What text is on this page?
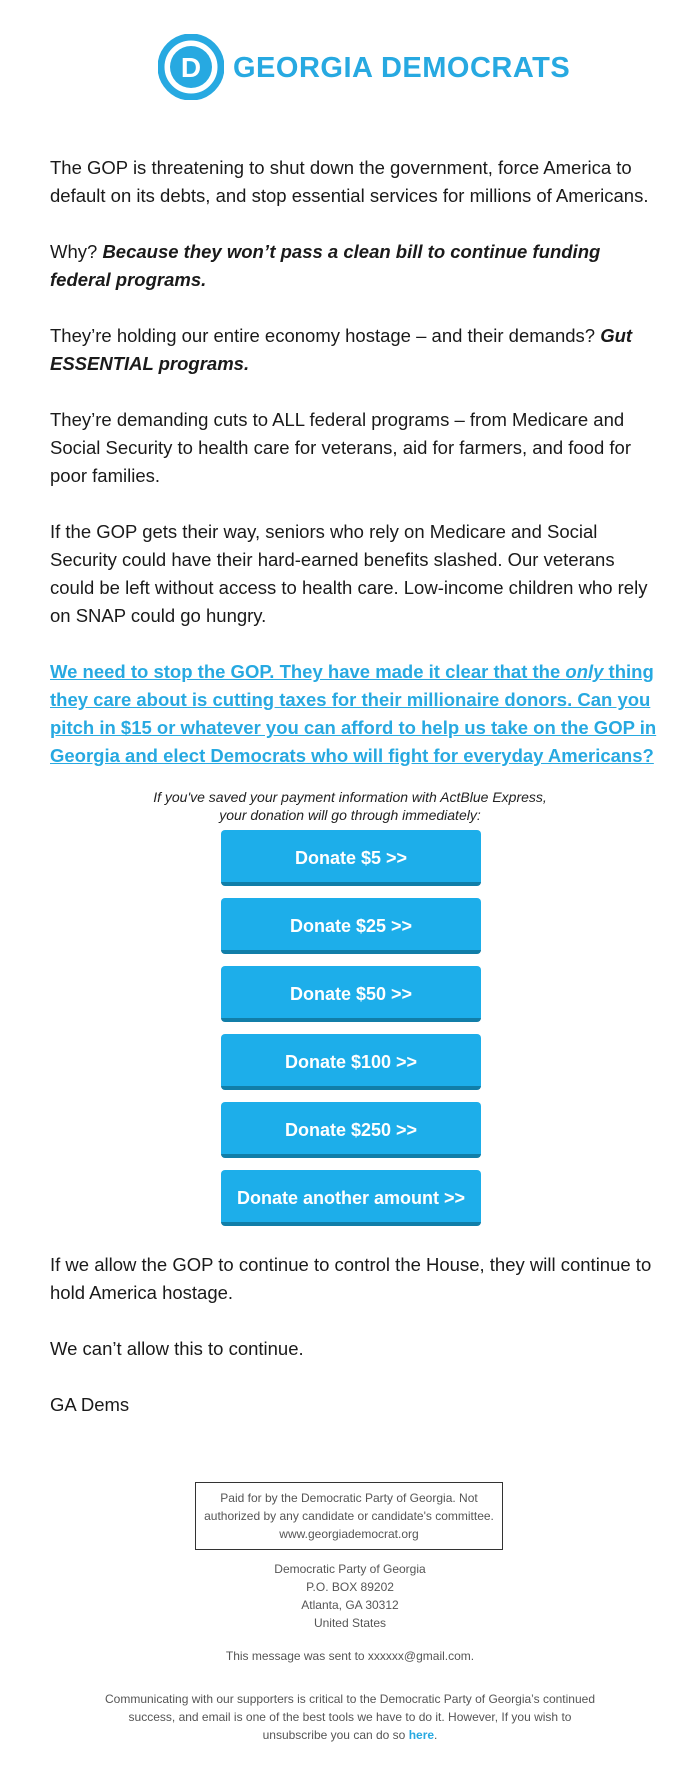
D GEORGIA DEMOCRATS
The GOP is threatening to shut down the government, force America to default on its debts, and stop essential services for millions of Americans.
Why? Because they won’t pass a clean bill to continue funding federal programs.
They’re holding our entire economy hostage – and their demands? Gut ESSENTIAL programs.
They’re demanding cuts to ALL federal programs – from Medicare and Social Security to health care for veterans, aid for farmers, and food for poor families.
If the GOP gets their way, seniors who rely on Medicare and Social Security could have their hard-earned benefits slashed. Our veterans could be left without access to health care. Low-income children who rely on SNAP could go hungry.
We need to stop the GOP. They have made it clear that the only thing they care about is cutting taxes for their millionaire donors. Can you pitch in $15 or whatever you can afford to help us take on the GOP in Georgia and elect Democrats who will fight for everyday Americans?
If you've saved your payment information with ActBlue Express,
your donation will go through immediately:
Donate $5 >>
Donate $25 >>
Donate $50 >>
Donate $100 >>
Donate $250 >>
Donate another amount >>
If we allow the GOP to continue to control the House, they will continue to hold America hostage.
We can’t allow this to continue.
GA Dems
Paid for by the Democratic Party of Georgia. Not
authorized by any candidate or candidate's committee.
www.georgiademocrat.org
Democratic Party of Georgia
P.O. BOX 89202
Atlanta, GA 30312
United States
This message was sent to xxxxxx@gmail.com.
Communicating with our supporters is critical to the Democratic Party of Georgia’s continued
success, and email is one of the best tools we have to do it. However, If you wish to
unsubscribe you can do so here.
